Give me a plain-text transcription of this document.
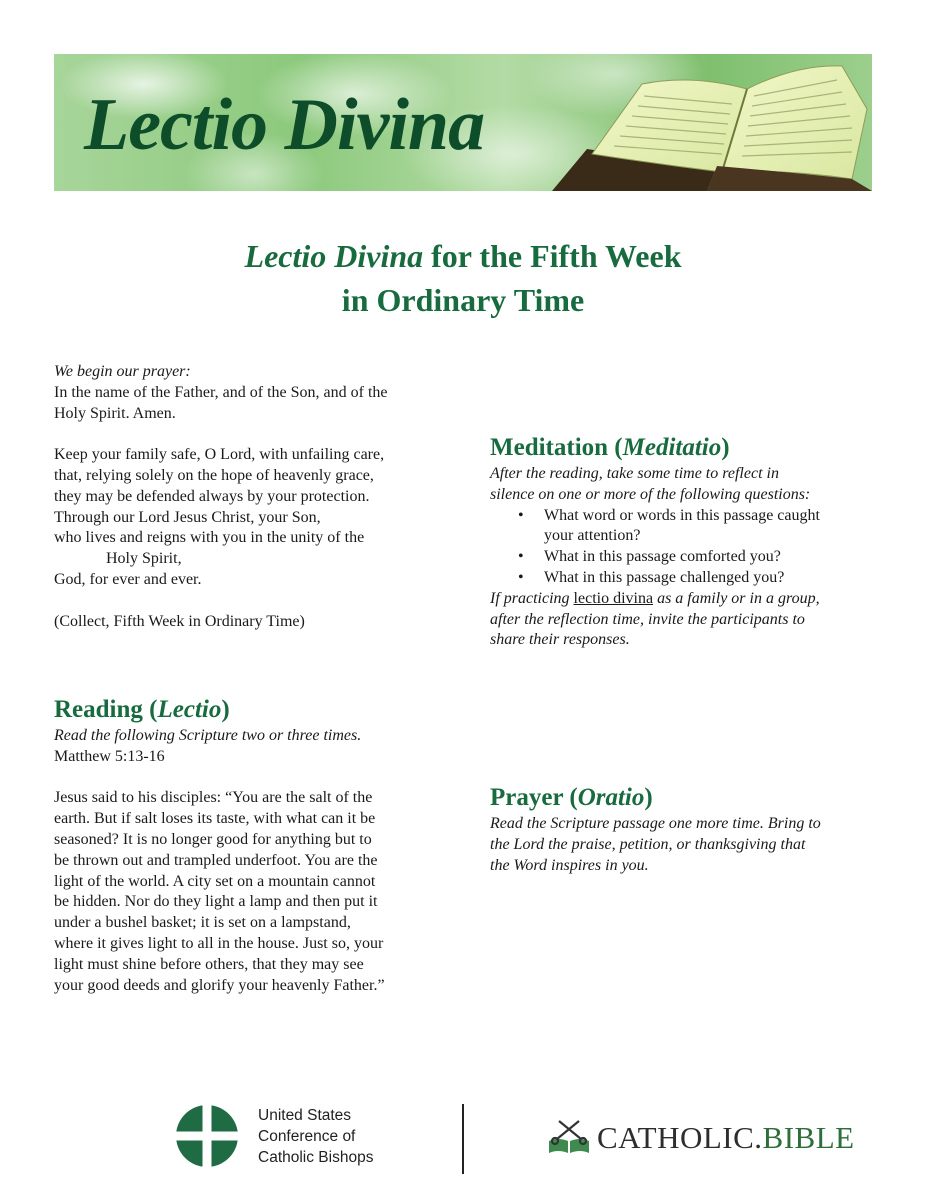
Lectio Divina
Lectio Divina for the Fifth Week
in Ordinary Time

We begin our prayer:

In the name of the Father, and of the Son, and of the

Holy Spirit. Amen.

Keep your family safe, O Lord, with unfailing care,

that, relying solely on the hope of heavenly grace,

they may be defended always by your protection.

Through our Lord Jesus Christ, your Son,

who lives and reigns with you in the unity of the

Holy Spirit,

God, for ever and ever.

(Collect, Fifth Week in Ordinary Time)

Reading (Lectio)

Read the following Scripture two or three times.

Matthew 5:13-16

Jesus said to his disciples: “You are the salt of the

earth. But if salt loses its taste, with what can it be

seasoned? It is no longer good for anything but to

be thrown out and trampled underfoot. You are the

light of the world. A city set on a mountain cannot

be hidden. Nor do they light a lamp and then put it

under a bushel basket; it is set on a lampstand,

where it gives light to all in the house. Just so, your

light must shine before others, that they may see

your good deeds and glorify your heavenly Father.”

Meditation (Meditatio)

After the reading, take some time to reflect in

silence on one or more of the following questions:

• What word or words in this passage caught
your attention?
• What in this passage comforted you?
• What in this passage challenged you?

If practicing lectio divina as a family or in a group,

after the reflection time, invite the participants to

share their responses.

Prayer (Oratio)

Read the Scripture passage one more time. Bring to

the Lord the praise, petition, or thanksgiving that

the Word inspires in you.

United States
Conference of
Catholic Bishops
CATHOLIC.BIBLE
